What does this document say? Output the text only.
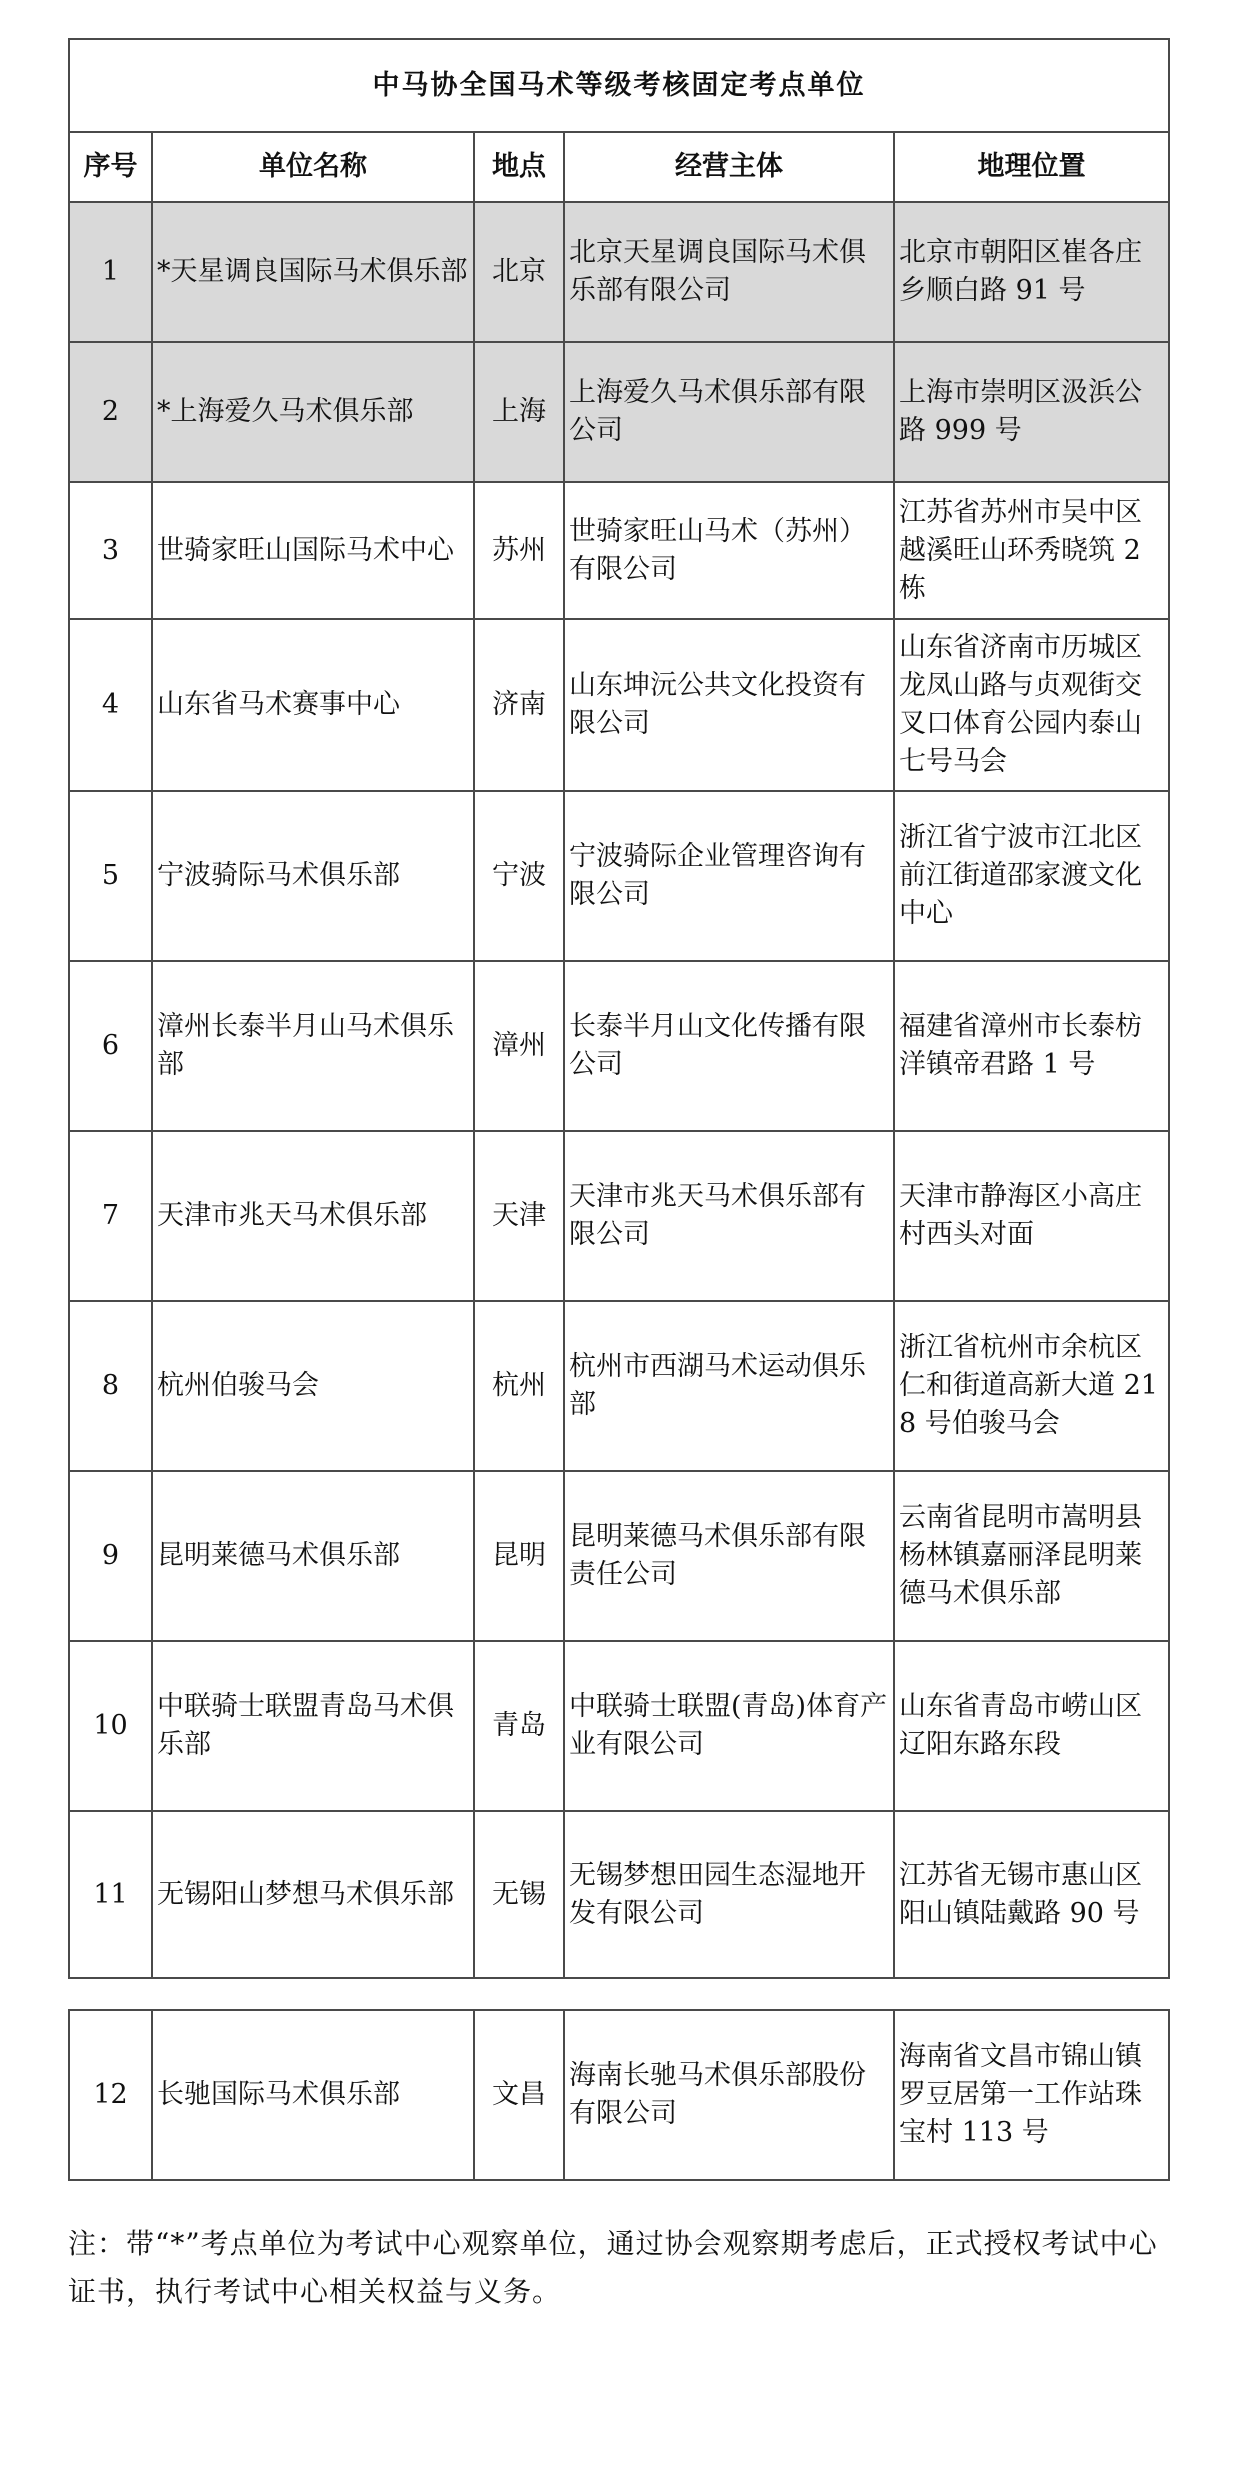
中马协全国马术等级考核固定考点单位				
序号	单位名称	地点	经营主体	地理位置
1	*天星调良国际马术俱乐部	北京	北京天星调良国际马术俱乐部有限公司	北京市朝阳区崔各庄乡顺白路 91 号
2	*上海爱久马术俱乐部	上海	上海爱久马术俱乐部有限公司	上海市崇明区汲浜公路 999 号
3	世骑家旺山国际马术中心	苏州	世骑家旺山马术（苏州）有限公司	江苏省苏州市吴中区越溪旺山环秀晓筑 2 栋
4	山东省马术赛事中心	济南	山东坤沅公共文化投资有限公司	山东省济南市历城区龙凤山路与贞观街交叉口体育公园内泰山七号马会
5	宁波骑际马术俱乐部	宁波	宁波骑际企业管理咨询有限公司	浙江省宁波市江北区前江街道邵家渡文化中心
6	漳州长泰半月山马术俱乐部	漳州	长泰半月山文化传播有限公司	福建省漳州市长泰枋洋镇帝君路 1 号
7	天津市兆天马术俱乐部	天津	天津市兆天马术俱乐部有限公司	天津市静海区小高庄村西头对面
8	杭州伯骏马会	杭州	杭州市西湖马术运动俱乐部	浙江省杭州市余杭区仁和街道高新大道 218 号伯骏马会
9	昆明莱德马术俱乐部	昆明	昆明莱德马术俱乐部有限责任公司	云南省昆明市嵩明县杨林镇嘉丽泽昆明莱德马术俱乐部
10	中联骑士联盟青岛马术俱乐部	青岛	中联骑士联盟(青岛)体育产业有限公司	山东省青岛市崂山区辽阳东路东段
11	无锡阳山梦想马术俱乐部	无锡	无锡梦想田园生态湿地开发有限公司	江苏省无锡市惠山区阳山镇陆戴路 90 号
12	长驰国际马术俱乐部	文昌	海南长驰马术俱乐部股份有限公司	海南省文昌市锦山镇罗豆居第一工作站珠宝村 113 号
注：带“*”考点单位为考试中心观察单位，通过协会观察期考虑后，正式授权考试中心证书，执行考试中心相关权益与义务。
